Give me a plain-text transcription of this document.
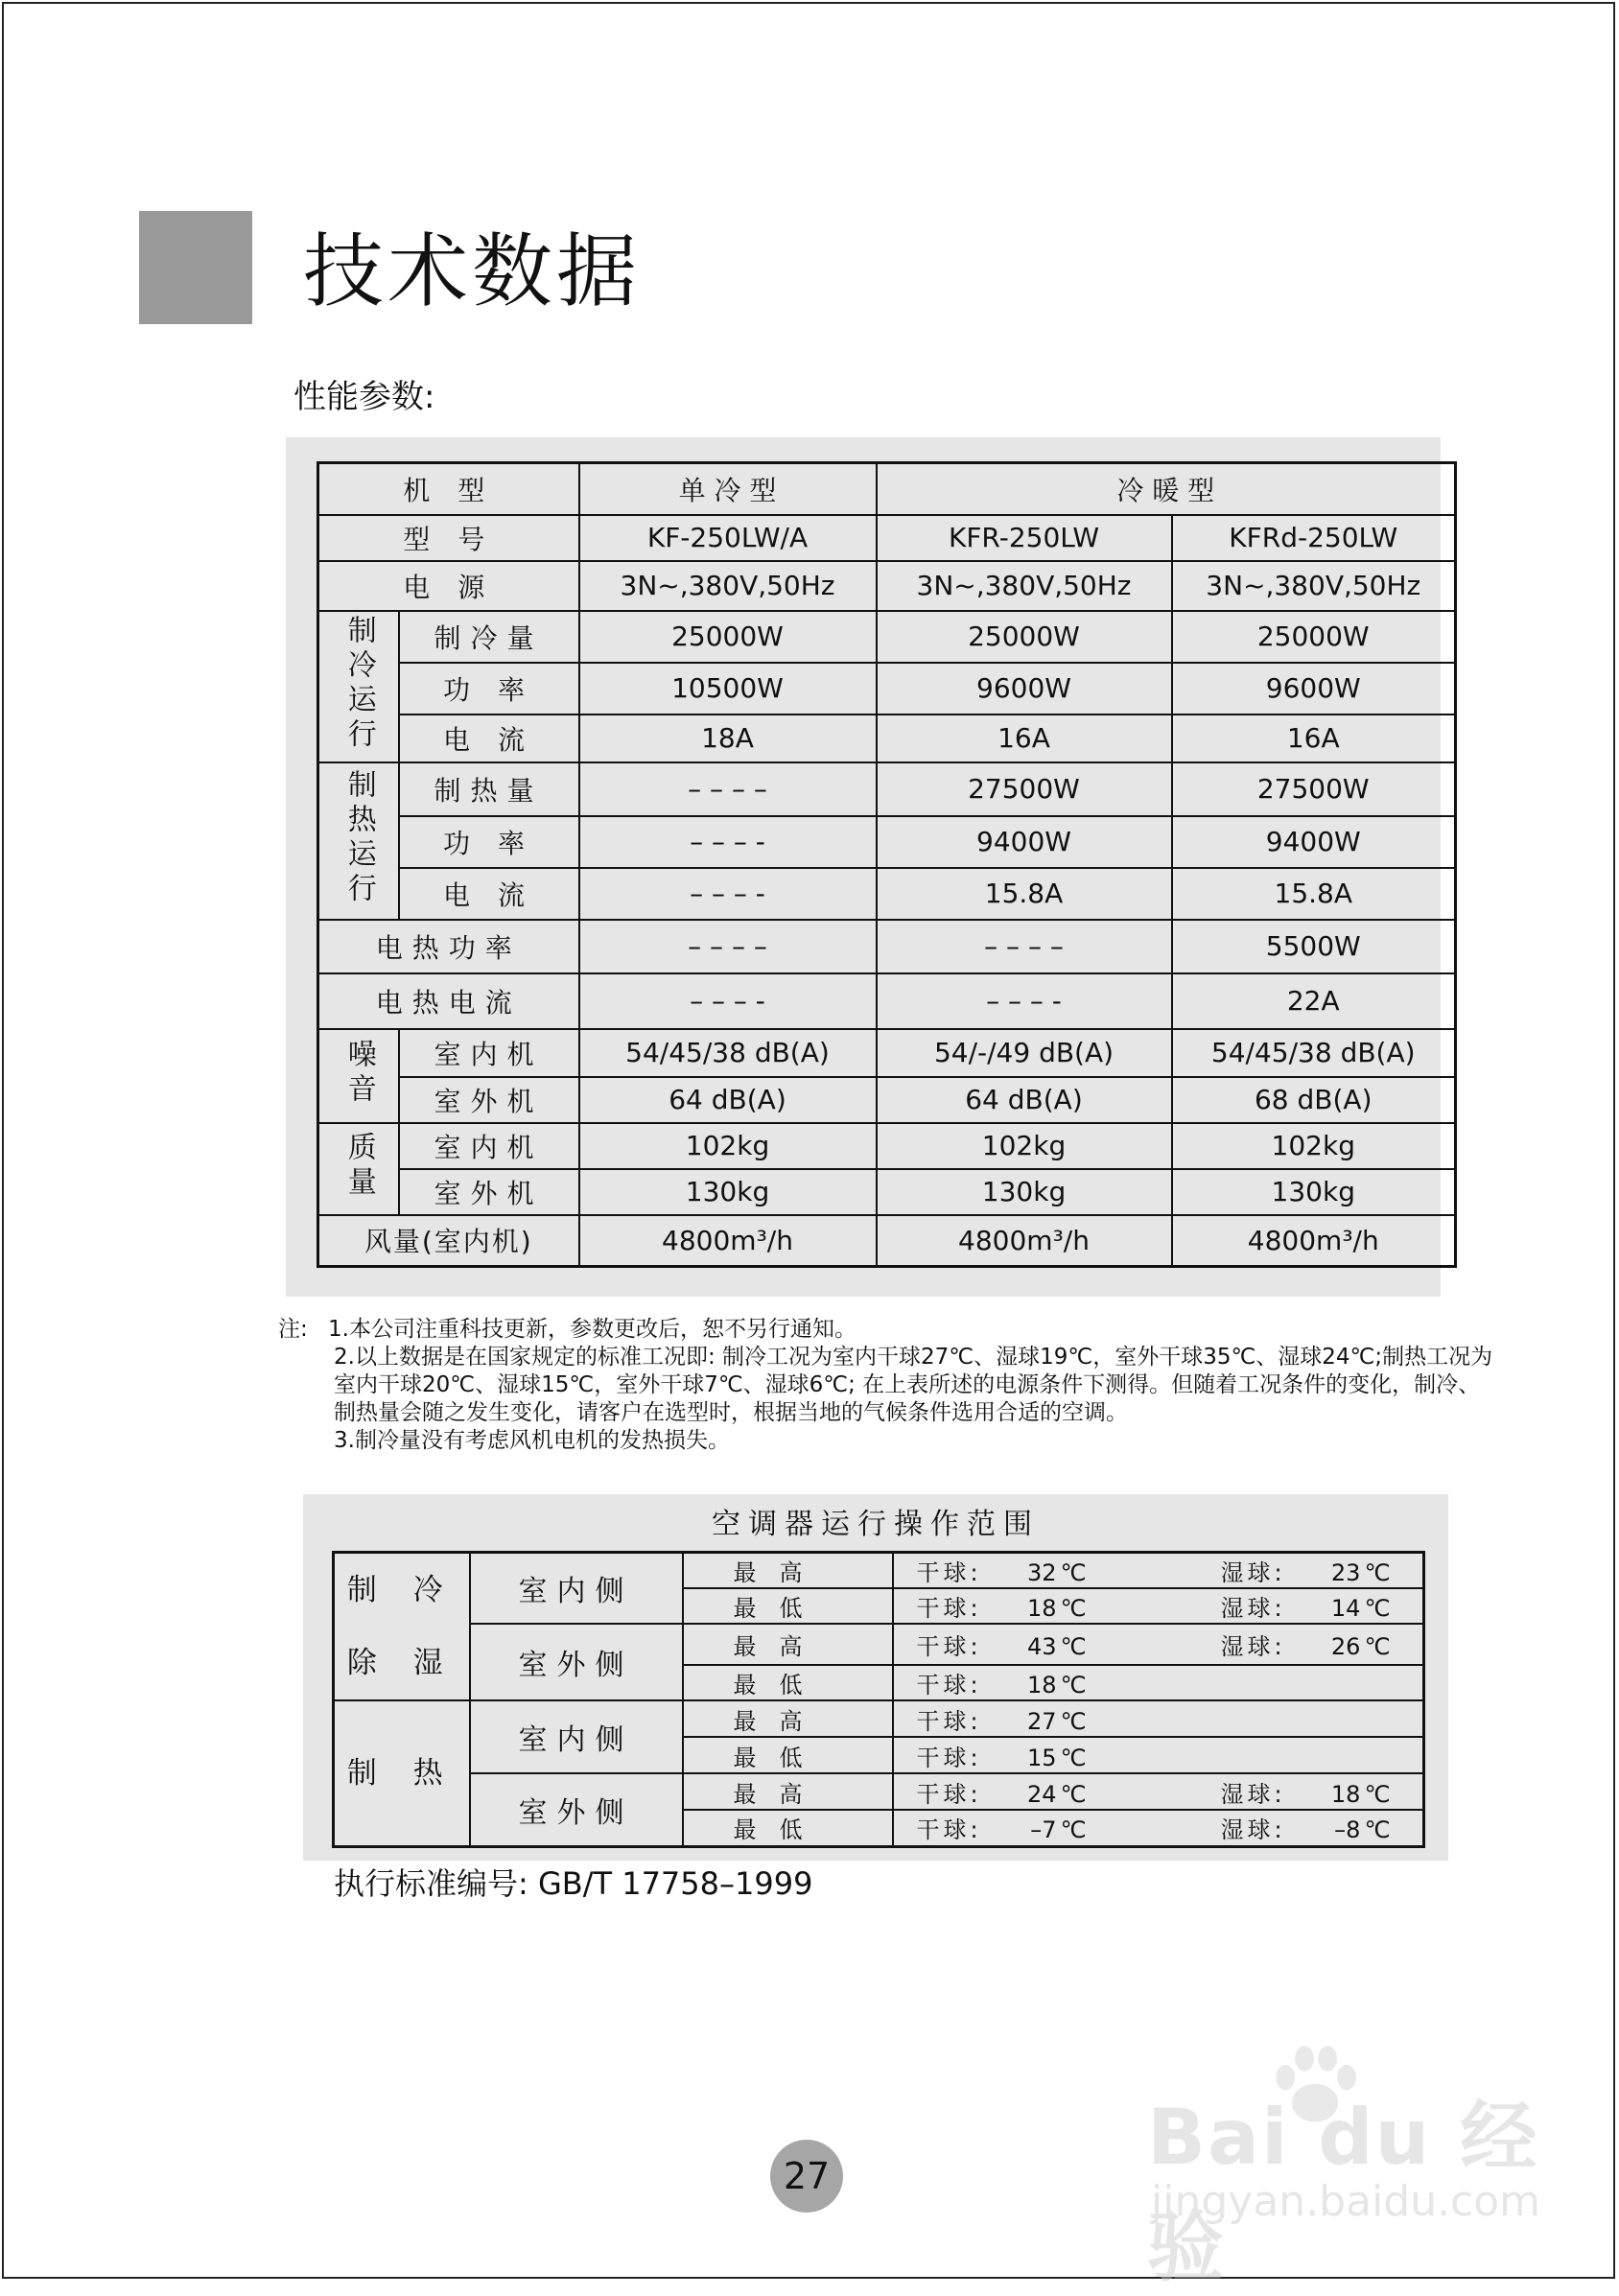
技术数据
性能参数:
机 型		单 冷 型	冷 暖 型	
型 号		KF-250LW/A	KFR-250LW	KFRd-250LW
电 源		3N~,380V,50Hz	3N~,380V,50Hz	3N~,380V,50Hz
制冷运行	制冷量	25000W	25000W	25000W
	功 率	10500W	9600W	9600W
	电 流	18A	16A	16A
制热运行	制热量	– – – –	27500W	27500W
	功 率	– – – -	9400W	9400W
	电 流	– – – -	15.8A	15.8A
电热功率		– – – –	– – – –	5500W
电热电流		– – – -	– – – -	22A
噪音	室内机	54/45/38 dB(A)	54/-/49 dB(A)	54/45/38 dB(A)
	室外机	64 dB(A)	64 dB(A)	68 dB(A)
质量	室内机	102kg	102kg	102kg
	室外机	130kg	130kg	130kg
风量(室内机)		4800m³/h	4800m³/h	4800m³/h
注: 1.本公司注重科技更新，参数更改后，恕不另行通知。
2.以上数据是在国家规定的标准工况即: 制冷工况为室内干球27℃、湿球19℃，室外干球35℃、湿球24℃;制热工况为室内干球20℃、湿球15℃，室外干球7℃、湿球6℃; 在上表所述的电源条件下测得。但随着工况条件的变化，制冷、制热量会随之发生变化，请客户在选型时，根据当地的气候条件选用合适的空调。
3.制冷量没有考虑风机电机的发热损失。
空调器运行操作范围
制 冷
除 湿	室内侧	最高	干球: 32 ℃ 湿球: 23 ℃
		最低	干球: 18 ℃ 湿球: 14 ℃
	室外侧	最高	干球: 43 ℃ 湿球: 26 ℃
		最低	干球: 18 ℃
制 热	室内侧	最高	干球: 27 ℃
		最低	干球: 15 ℃
	室外侧	最高	干球: 24 ℃ 湿球: 18 ℃
		最低	干球: –7 ℃ 湿球: –8 ℃
执行标准编号: GB/T 17758–1999
Bai du 经验
jingyan.baidu.com
27
